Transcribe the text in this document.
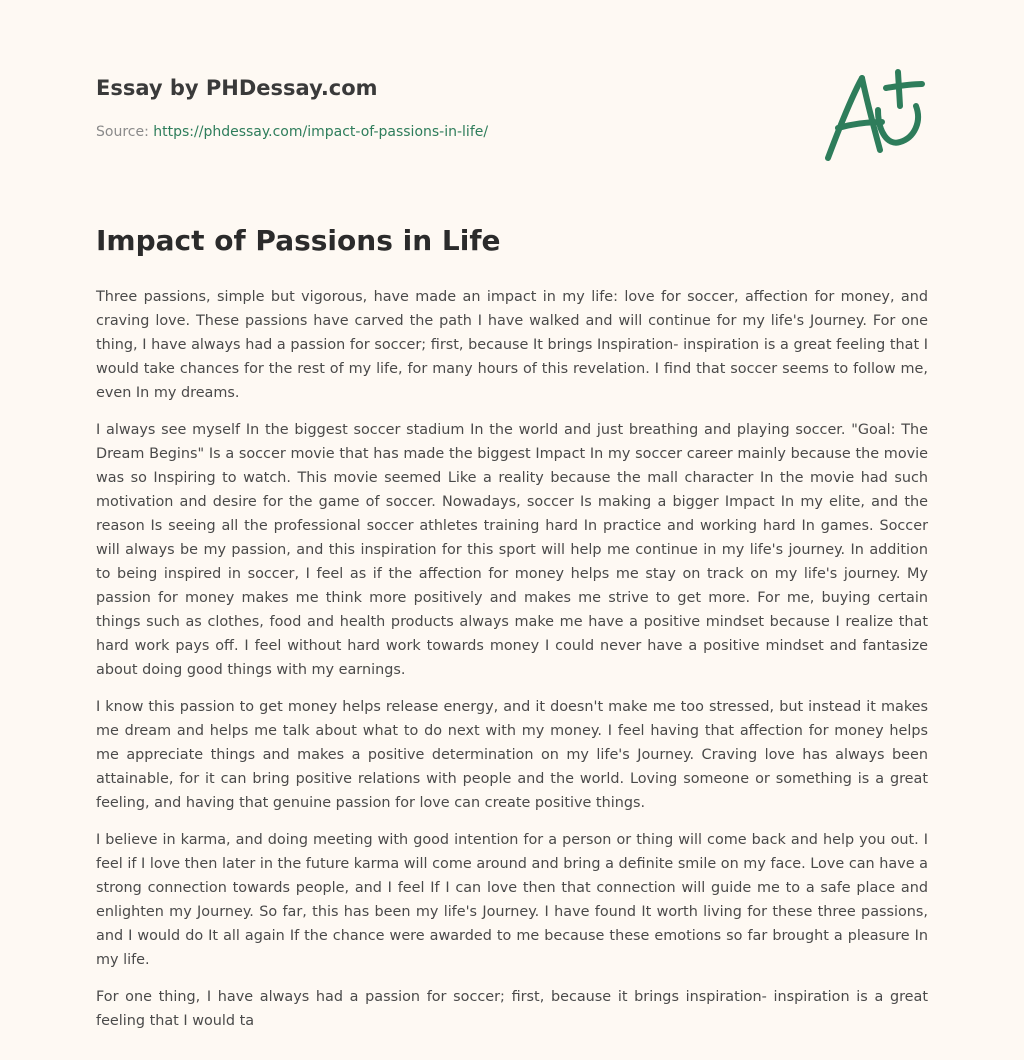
Essay by PHDessay.com

Source: https://phdessay.com/impact-of-passions-in-life/

Impact of Passions in Life

Three passions, simple but vigorous, have made an impact in my life: love for soccer, affection for money, and craving love. These passions have carved the path I have walked and will continue for my life's Journey. For one thing, I have always had a passion for soccer; first, because It brings Inspiration- inspiration is a great feeling that I would take chances for the rest of my life, for many hours of this revelation. I find that soccer seems to follow me, even In my dreams.

I always see myself In the biggest soccer stadium In the world and just breathing and playing soccer. "Goal: The Dream Begins" Is a soccer movie that has made the biggest Impact In my soccer career mainly because the movie was so Inspiring to watch. This movie seemed Like a reality because the mall character In the movie had such motivation and desire for the game of soccer. Nowadays, soccer Is making a bigger Impact In my elite, and the reason Is seeing all the professional soccer athletes training hard In practice and working hard In games. Soccer will always be my passion, and this inspiration for this sport will help me continue in my life's journey. In addition to being inspired in soccer, I feel as if the affection for money helps me stay on track on my life's journey. My passion for money makes me think more positively and makes me strive to get more. For me, buying certain things such as clothes, food and health products always make me have a positive mindset because I realize that hard work pays off. I feel without hard work towards money I could never have a positive mindset and fantasize about doing good things with my earnings.

I know this passion to get money helps release energy, and it doesn't make me too stressed, but instead it makes me dream and helps me talk about what to do next with my money. I feel having that affection for money helps me appreciate things and makes a positive determination on my life's Journey. Craving love has always been attainable, for it can bring positive relations with people and the world. Loving someone or something is a great feeling, and having that genuine passion for love can create positive things.

I believe in karma, and doing meeting with good intention for a person or thing will come back and help you out. I feel if I love then later in the future karma will come around and bring a definite smile on my face. Love can have a strong connection towards people, and I feel If I can love then that connection will guide me to a safe place and enlighten my Journey. So far, this has been my life's Journey. I have found It worth living for these three passions, and I would do It all again If the chance were awarded to me because these emotions so far brought a pleasure In my life.

For one thing, I have always had a passion for soccer; first, because it brings inspiration- inspiration is a great feeling that I would ta
